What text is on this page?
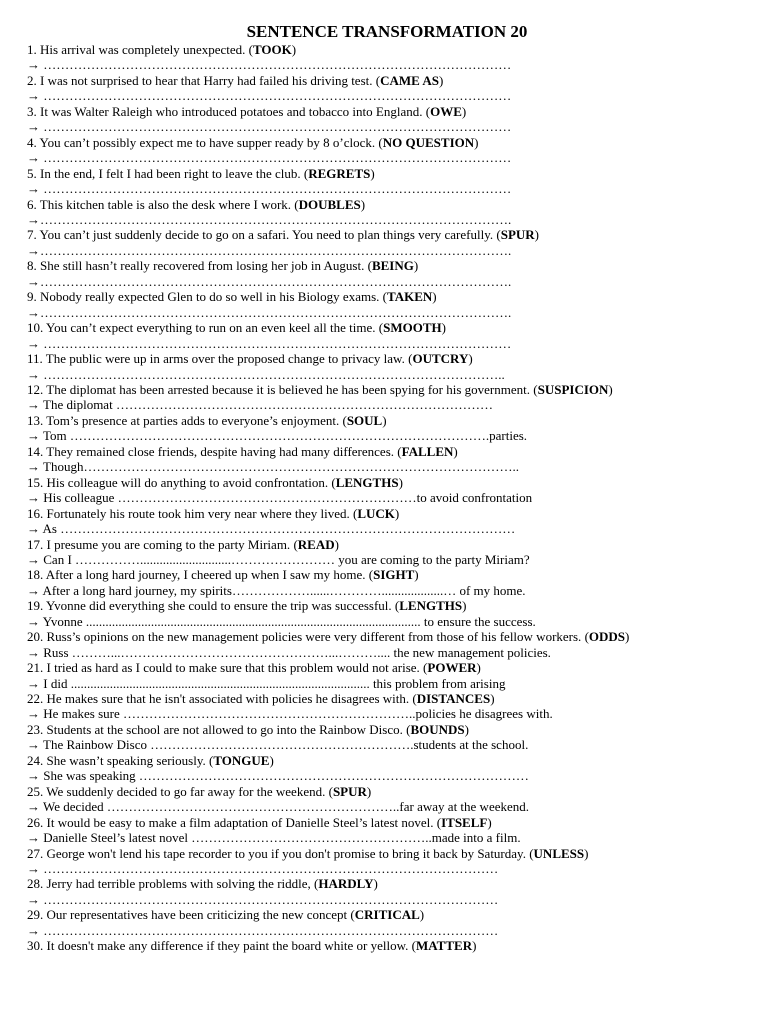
SENTENCE TRANSFORMATION 20
1. His arrival was completely unexpected. (TOOK)
→ ………………………………………………………………………………………………
2. I was not surprised to hear that Harry had failed his driving test. (CAME AS)
→ ………………………………………………………………………………………………
3. It was Walter Raleigh who introduced potatoes and tobacco into England. (OWE)
→ ………………………………………………………………………………………………
4. You can’t possibly expect me to have supper ready by 8 o’clock. (NO QUESTION)
→ ………………………………………………………………………………………………
5. In the end, I felt I had been right to leave the club. (REGRETS)
→ ………………………………………………………………………………………………
6. This kitchen table is also the desk where I work. (DOUBLES)
→……………………………………………………………………………………………….
7. You can’t just suddenly decide to go on a safari. You need to plan things very carefully. (SPUR)
→……………………………………………………………………………………………….
8. She still hasn’t really recovered from losing her job in August. (BEING)
→……………………………………………………………………………………………….
9. Nobody really expected Glen to do so well in his Biology exams. (TAKEN)
→……………………………………………………………………………………………….
10. You can’t expect everything to run on an even keel all the time. (SMOOTH)
→ ………………………………………………………………………………………………
11. The public were up in arms over the proposed change to privacy law. (OUTCRY)
→ ……………………………………………………………………………………………..
12. The diplomat has been arrested because it is believed he has been spying for his government. (SUSPICION)
→ The diplomat ……………………………………………………………………………
13. Tom’s presence at parties adds to everyone’s enjoyment. (SOUL)
→ Tom …………………………………………………………………………………….parties.
14. They remained close friends, despite having had many differences. (FALLEN)
→ Though………………………………………………………………………………………..
15. His colleague will do anything to avoid confrontation. (LENGTHS)
→ His colleague ……………………………………………………………to avoid confrontation
16. Fortunately his route took him very near where they lived. (LUCK)
→ As ……………………………………………………………………………………………
17. I presume you are coming to the party Miriam. (READ)
→ Can I ……………............................…………………… you are coming to the party Miriam?
18. After a long hard journey, I cheered up when I saw my home. (SIGHT)
→ After a long hard journey, my spirits………………......…………...................… of my home.
19. Yvonne did everything she could to ensure the trip was successful. (LENGTHS)
→ Yvonne ....................................................................................................... to ensure the success.
20. Russ’s opinions on the new management policies were very different from those of his fellow workers. (ODDS)
→ Russ ………...…………………………………………...……….... the new management policies.
21. I tried as hard as I could to make sure that this problem would not arise. (POWER)
→ I did ............................................................................................ this problem from arising
22. He makes sure that he isn't associated with policies he disagrees with. (DISTANCES)
→ He makes sure …………………………………………………………..policies he disagrees with.
23. Students at the school are not allowed to go into the Rainbow Disco. (BOUNDS)
→ The Rainbow Disco …………………………………………………….students at the school.
24. She wasn’t speaking seriously. (TONGUE)
→ She was speaking ………………………………………………………………………………
25. We suddenly decided to go far away for the weekend. (SPUR)
→ We decided …………………………………………………………..far away at the weekend.
26. It would be easy to make a film adaptation of Danielle Steel’s latest novel. (ITSELF)
→ Danielle Steel’s latest novel ………………………………………………..made into a film.
27. George won't lend his tape recorder to you if you don't promise to bring it back by Saturday. (UNLESS)
→ ……………………………………………………………………………………………
28. Jerry had terrible problems with solving the riddle, (HARDLY)
→ ……………………………………………………………………………………………
29. Our representatives have been criticizing the new concept (CRITICAL)
→ ……………………………………………………………………………………………
30. It doesn't make any difference if they paint the board white or yellow. (MATTER)
